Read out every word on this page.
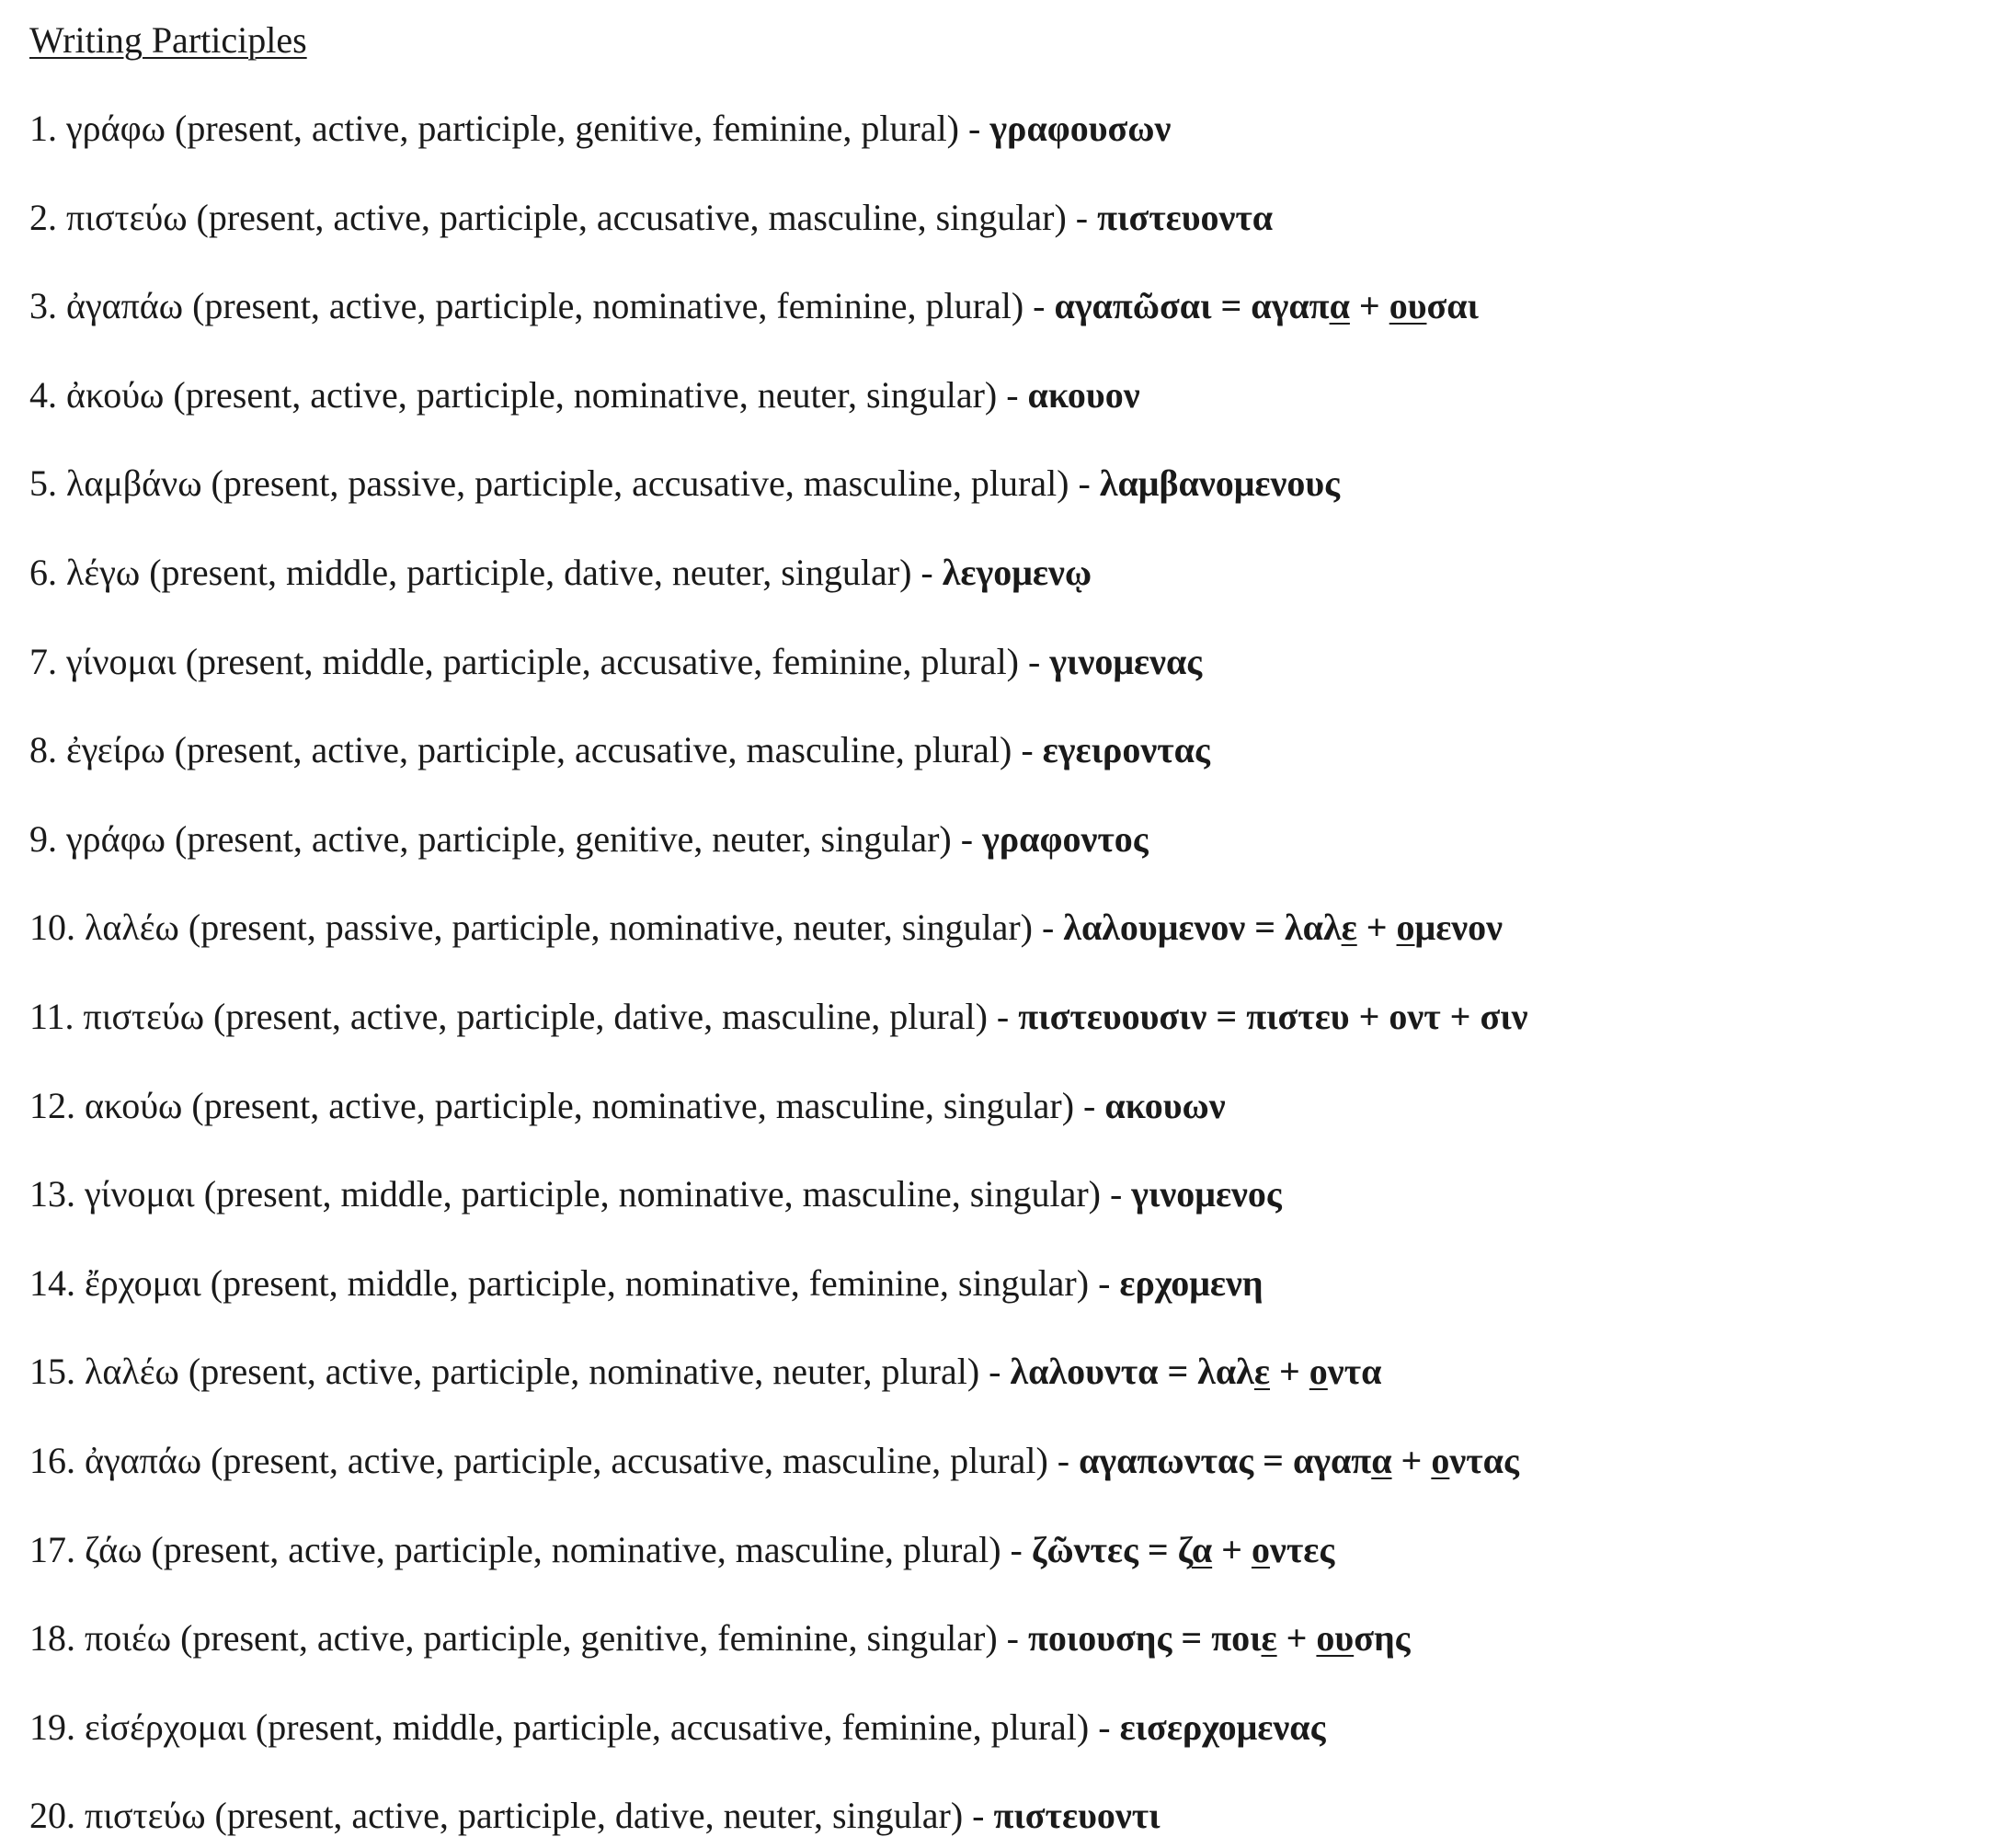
Writing Participles
1. γράφω (present, active, participle, genitive, feminine, plural) - γραφουσων
2. πιστεύω (present, active, participle, accusative, masculine, singular) - πιστευοντα
3. ἀγαπάω (present, active, participle, nominative, feminine, plural) - αγαπῶσαι = αγαπα + ουσαι
4. ἀκούω (present, active, participle, nominative, neuter, singular) - ακουον
5. λαμβάνω (present, passive, participle, accusative, masculine, plural) - λαμβανομενους
6. λέγω (present, middle, participle, dative, neuter, singular) - λεγομενῳ
7. γίνομαι (present, middle, participle, accusative, feminine, plural) - γινομενας
8. ἐγείρω (present, active, participle, accusative, masculine, plural) - εγειροντας
9. γράφω (present, active, participle, genitive, neuter, singular) - γραφοντος
10. λαλέω (present, passive, participle, nominative, neuter, singular) - λαλουμενον = λαλε + ομενον
11. πιστεύω (present, active, participle, dative, masculine, plural) - πιστευουσιν = πιστευ + οντ + σιν
12. ακούω (present, active, participle, nominative, masculine, singular) - ακουων
13. γίνομαι (present, middle, participle, nominative, masculine, singular) - γινομενος
14. ἔρχομαι (present, middle, participle, nominative, feminine, singular) - ερχομενη
15. λαλέω (present, active, participle, nominative, neuter, plural) - λαλουντα = λαλε + οντα
16. ἀγαπάω (present, active, participle, accusative, masculine, plural) - αγαπωντας = αγαπα + οντας
17. ζάω (present, active, participle, nominative, masculine, plural) - ζῶντες = ζα + οντες
18. ποιέω (present, active, participle, genitive, feminine, singular) - ποιουσης = ποιε + ουσης
19. εἰσέρχομαι (present, middle, participle, accusative, feminine, plural) - εισερχομενας
20. πιστεύω (present, active, participle, dative, neuter, singular) - πιστευοντι
